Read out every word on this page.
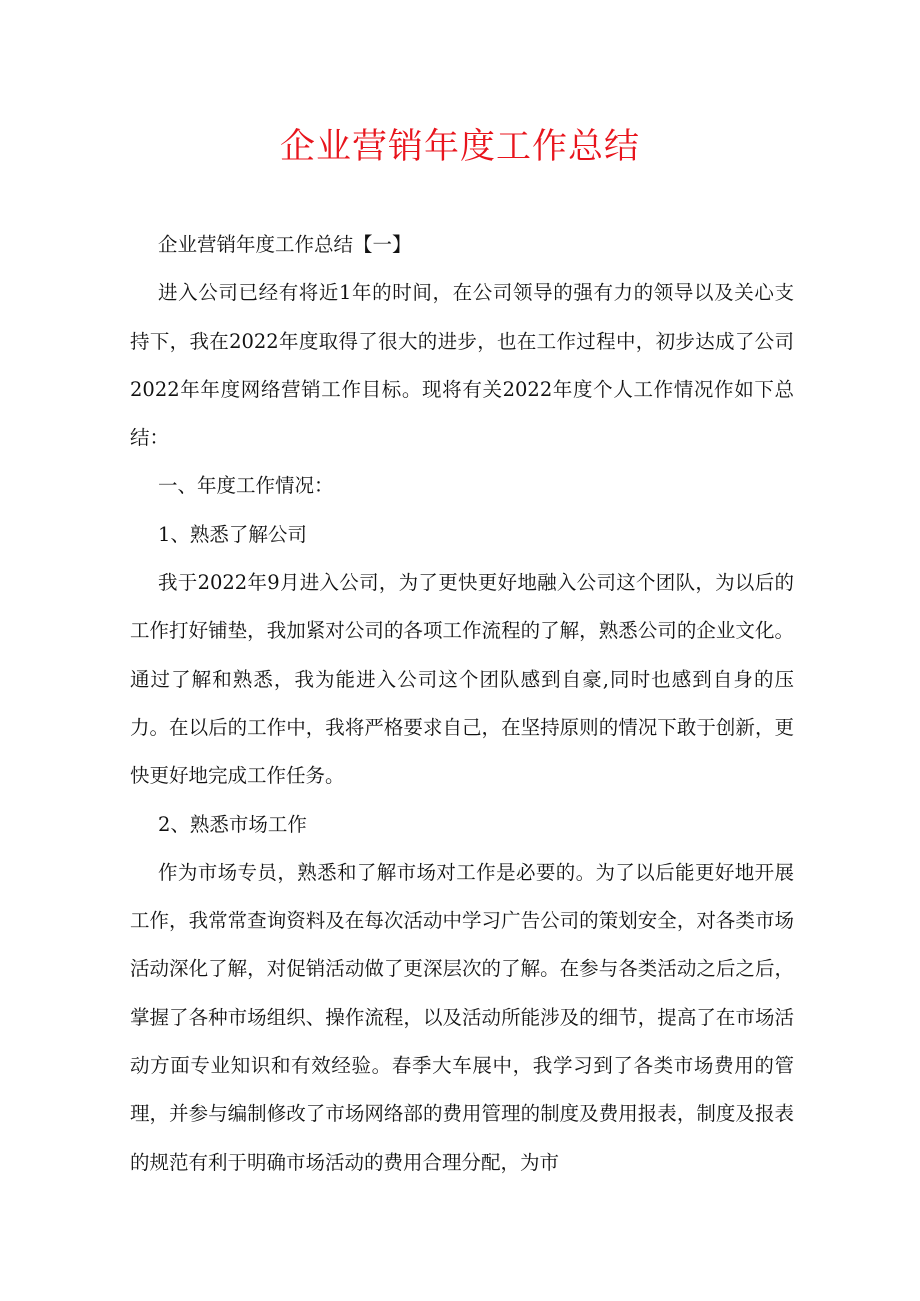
企业营销年度工作总结

企业营销年度工作总结【一】

进入公司已经有将近1年的时间，在公司领导的强有力的领导以及关心支持下，我在2022年度取得了很大的进步，也在工作过程中，初步达成了公司2022年年度网络营销工作目标。现将有关2022年度个人工作情况作如下总结：

一、年度工作情况：

1、熟悉了解公司

我于2022年9月进入公司，为了更快更好地融入公司这个团队，为以后的工作打好铺垫，我加紧对公司的各项工作流程的了解，熟悉公司的企业文化。通过了解和熟悉，我为能进入公司这个团队感到自豪,同时也感到自身的压力。在以后的工作中，我将严格要求自己，在坚持原则的情况下敢于创新，更快更好地完成工作任务。

2、熟悉市场工作

作为市场专员，熟悉和了解市场对工作是必要的。为了以后能更好地开展工作，我常常查询资料及在每次活动中学习广告公司的策划安全，对各类市场活动深化了解，对促销活动做了更深层次的了解。在参与各类活动之后之后，掌握了各种市场组织、操作流程，以及活动所能涉及的细节，提高了在市场活动方面专业知识和有效经验。春季大车展中，我学习到了各类市场费用的管理，并参与编制修改了市场网络部的费用管理的制度及费用报表，制度及报表的规范有利于明确市场活动的费用合理分配，为市
